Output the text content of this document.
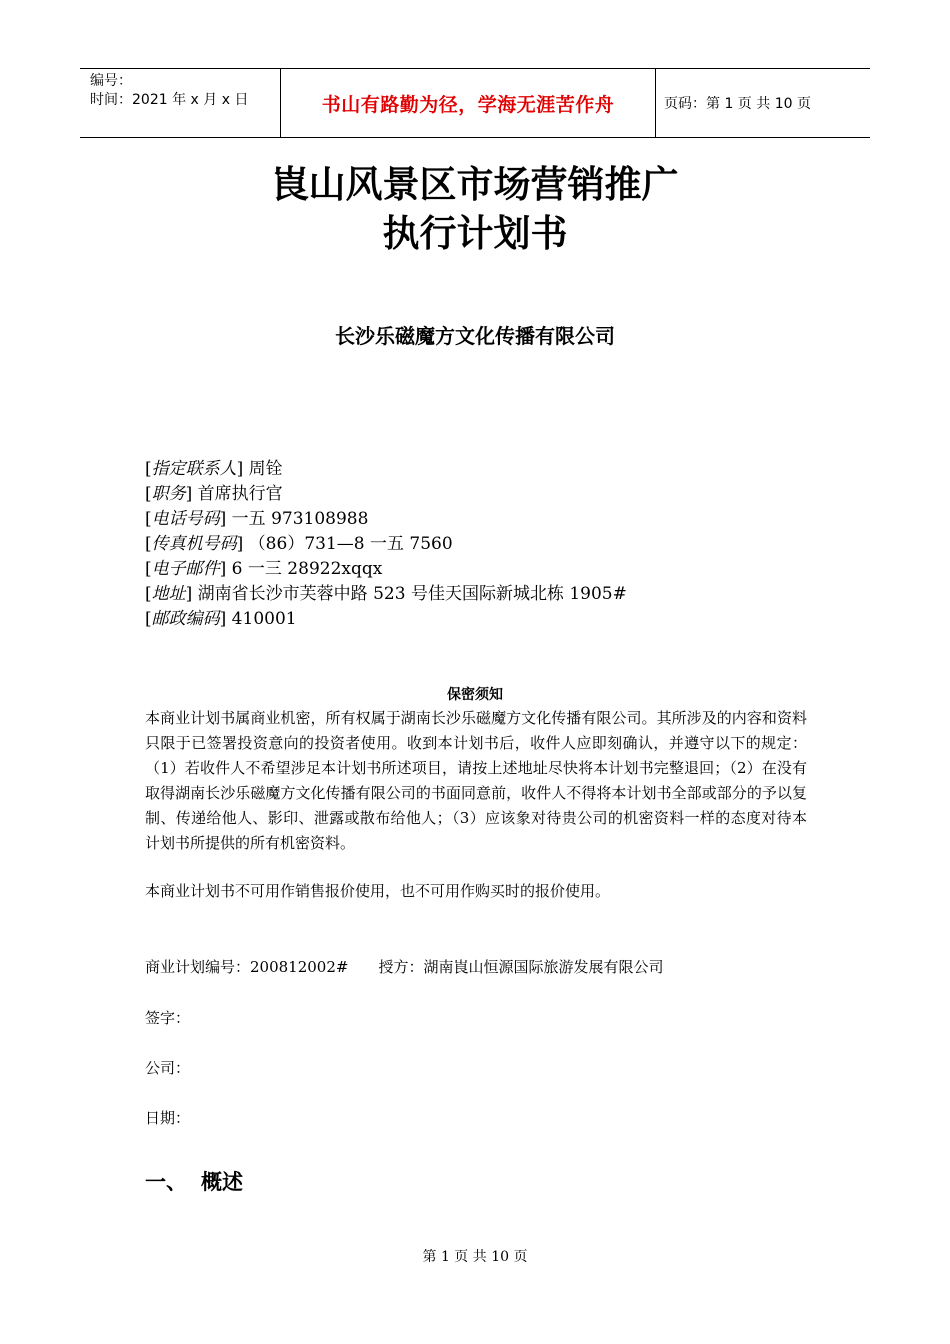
编号：
时间：2021 年 x 月 x 日	书山有路勤为径，学海无涯苦作舟	页码：第 1 页 共 10 页
崀山风景区市场营销推广
执行计划书
长沙乐磁魔方文化传播有限公司
[指定联系人] 周铨
[职务] 首席执行官
[电话号码] 一五 973108988
[传真机号码] （86）731—8 一五 7560
[电子邮件] 6 一三 28922xqqx
[地址] 湖南省长沙市芙蓉中路 523 号佳天国际新城北栋 1905#
[邮政编码] 410001
保密须知
本商业计划书属商业机密，所有权属于湖南长沙乐磁魔方文化传播有限公司。其所涉及的内容和资料只限于已签署投资意向的投资者使用。收到本计划书后，收件人应即刻确认，并遵守以下的规定：（1）若收件人不希望涉足本计划书所述项目，请按上述地址尽快将本计划书完整退回；（2）在没有取得湖南长沙乐磁魔方文化传播有限公司的书面同意前，收件人不得将本计划书全部或部分的予以复制、传递给他人、影印、泄露或散布给他人；（3）应该象对待贵公司的机密资料一样的态度对待本计划书所提供的所有机密资料。
本商业计划书不可用作销售报价使用，也不可用作购买时的报价使用。
商业计划编号：200812002# 授方：湖南崀山恒源国际旅游发展有限公司
签字：
公司：
日期：
一、 概述
第 1 页 共 10 页
